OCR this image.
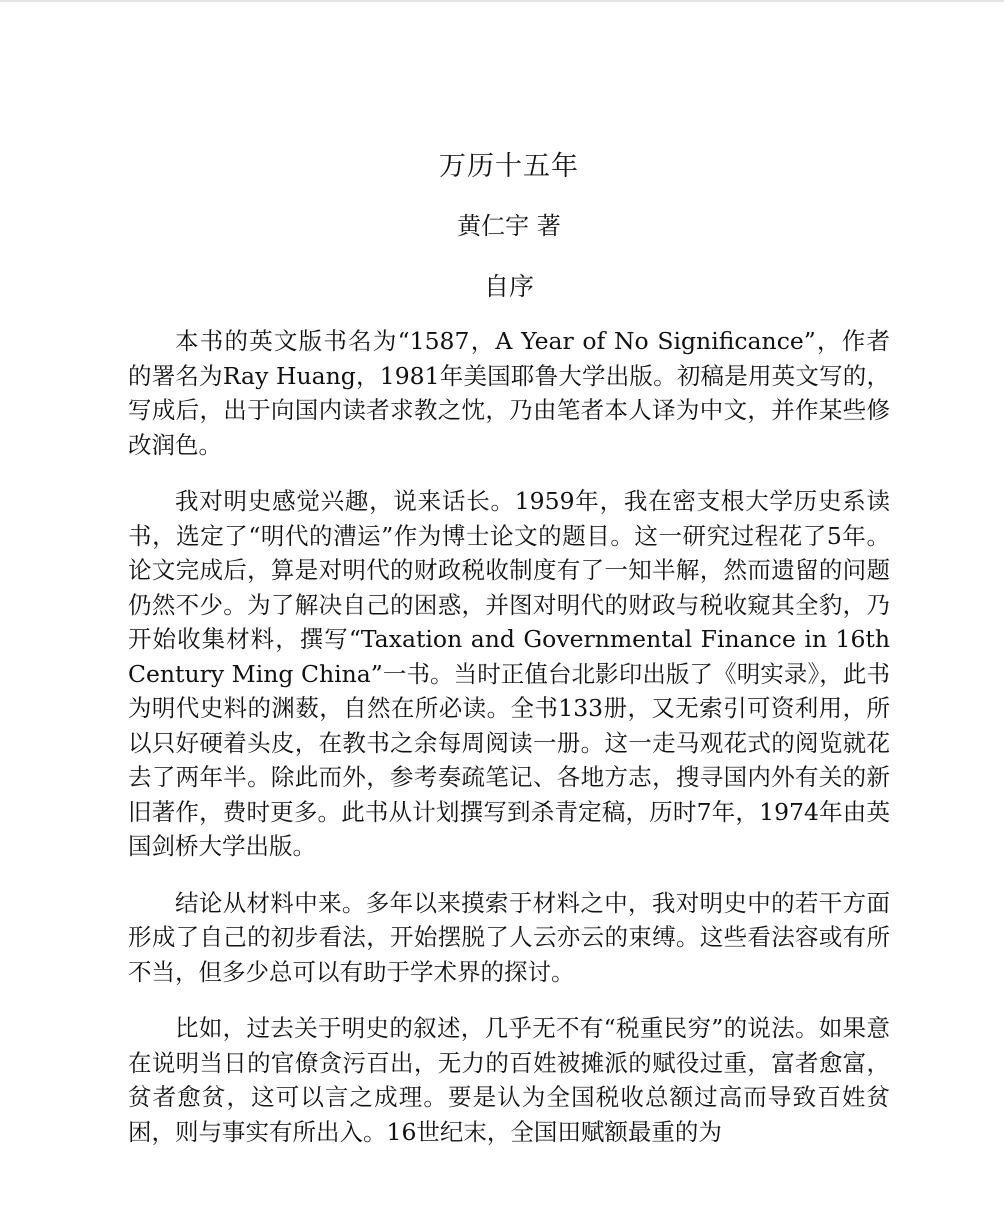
万历十五年
黄仁宇 著
自序

本书的英文版书名为“1587，A Year of No Significance”，作者的署名为Ray Huang，1981年美国耶鲁大学出版。初稿是用英文写的，写成后，出于向国内读者求教之忱，乃由笔者本人译为中文，并作某些修改润色。

我对明史感觉兴趣，说来话长。1959年，我在密支根大学历史系读书，选定了“明代的漕运”作为博士论文的题目。这一研究过程花了5年。论文完成后，算是对明代的财政税收制度有了一知半解，然而遗留的问题仍然不少。为了解决自己的困惑，并图对明代的财政与税收窥其全豹，乃开始收集材料，撰写“Taxation and Governmental Finance in 16th Century Ming China”一书。当时正值台北影印出版了《明实录》，此书为明代史料的渊薮，自然在所必读。全书133册，又无索引可资利用，所以只好硬着头皮，在教书之余每周阅读一册。这一走马观花式的阅览就花去了两年半。除此而外，参考奏疏笔记、各地方志，搜寻国内外有关的新旧著作，费时更多。此书从计划撰写到杀青定稿，历时7年，1974年由英国剑桥大学出版。

结论从材料中来。多年以来摸索于材料之中，我对明史中的若干方面形成了自己的初步看法，开始摆脱了人云亦云的束缚。这些看法容或有所不当，但多少总可以有助于学术界的探讨。

比如，过去关于明史的叙述，几乎无不有“税重民穷”的说法。如果意在说明当日的官僚贪污百出，无力的百姓被摊派的赋役过重，富者愈富，贫者愈贫，这可以言之成理。要是认为全国税收总额过高而导致百姓贫困，则与事实有所出入。16世纪末，全国田赋额最重的为
